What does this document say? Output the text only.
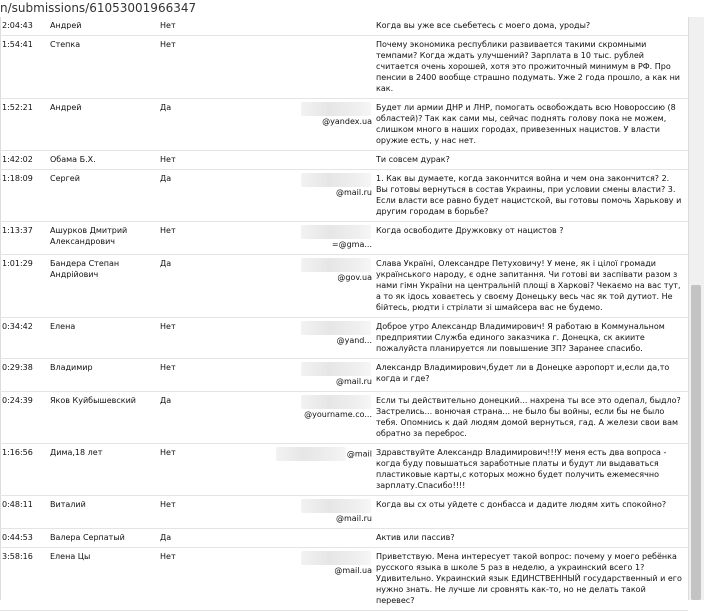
n/submissions/61053001966347
2:04:43	Андрей	Нет		Когда вы уже все сьебетесь с моего дома, уроды?
1:54:41	Степка	Нет		Почему экономика республики развивается такими скромными темпами? Когда ждать улучшений? Зарплата в 10 тыс. рублей считается очень хорошей, хотя это прожиточный минимум в РФ. Про пенсии в 2400 вообще страшно подумать. Уже 2 года прошло, а как ни как.
1:52:21	Андрей	Да	@yandex.ua	Будет ли армии ДНР и ЛНР, помогать освобождать всю Новороссию (8 областей)? Так как сами мы, сейчас поднять голову пока не можем, слишком много в наших городах, привезенных нацистов. У власти оружие есть, у нас нет.
1:42:02	Обама Б.Х.	Нет		Ти совсем дурак?
1:18:09	Сергей	Да	@mail.ru	1. Как вы думаете, когда закончится война и чем она закончится? 2. Вы готовы вернуться в состав Украины, при условии смены власти? 3. Если власти все равно будет нацистской, вы готовы помочь Харькову и другим городам в борьбе?
1:13:37	Ашурков Дмитрий Александрович	Нет	=@gma...	Когда освободите Дружковку от нацистов ?
1:01:29	Бандера Степан Андрійович	Да	@gov.ua	Слава Україні, Олександре Петуховичу! У мене, як і цілої громади українського народу, є одне запитання. Чи готові ви заспівати разом з нами гімн України на центральній площі в Харкові? Чекаємо на вас тут, а то як ідось ховаєтесь у своєму Донецьку весь час як той дутиот. Не бійтесь, рюдти і стрілати зі шмайсера вас не будемо.
0:34:42	Елена	Нет	@yand...	Доброе утро Александр Владимирович! Я работаю в Коммунальном предприятии Служба единого заказчика г. Донецка, ск акиите пожалуйста планируется ли повышение ЗП? Заранее спасибо.
0:29:38	Владимир	Нет	@mail.ru	Александр Владимирович,будет ли в Донецке аэропорт и,если да,то когда и где?
0:24:39	Яков Куйбышевский	Да	@yourname.co...	Если ты действительно донецкий... нахрена ты все это одепал, быдло? Застрелись... вонючая страна... не было бы войны, если бы не было тебя. Опомнись к дай людям домой вернуться, гад. А желези свои вам обратно за переброс.
1:16:56	Дима,18 лет	Нет	@mail	Здравствуйте Александр Владимирович!!!У меня есть два вопроса - когда буду повышаться заработные платы и будут ли выдаваться пластиковые карты,с которых можно будет получить ежемесячно зарплату.Спасибо!!!!
0:48:11	Виталий	Нет	@mail.ru	Когда вы сх оты уйдете с донбасса и дадите людям хить спокойно?
0:44:53	Валера Серпатый	Да		Актив или пассив?
3:58:16	Елена Цы	Нет	@mail.ua	Приветствую. Мена интересует такой вопрос: почему у моего ребёнка русского языка в школе 5 раз в неделю, а украинский всего 1? Удивительно. Украинский язык ЕДИНСТВЕННЫЙ государственный и его нужно знать. Не лучше ли сровнять как-то, но не делать такой перевес?
